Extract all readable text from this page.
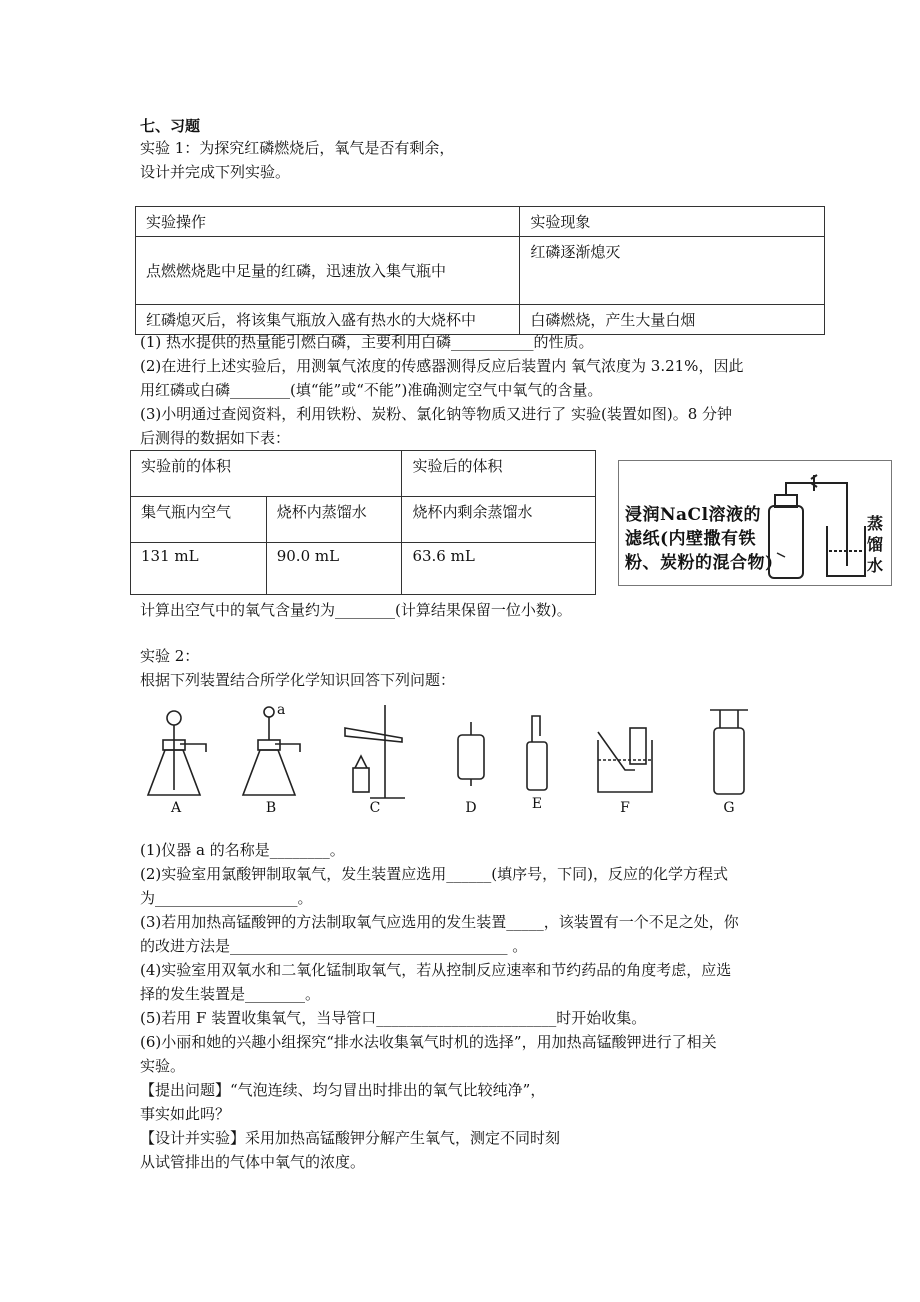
七、习题
实验 1：为探究红磷燃烧后，氧气是否有剩余，
设计并完成下列实验。
实验操作	实验现象
点燃燃烧匙中足量的红磷，迅速放入集气瓶中	红磷逐渐熄灭
红磷熄灭后，将该集气瓶放入盛有热水的大烧杯中	白磷燃烧，产生大量白烟
(1) 热水提供的热量能引燃白磷，主要利用白磷___________的性质。
(2)在进行上述实验后，用测氧气浓度的传感器测得反应后装置内 氧气浓度为 3.21%，因此
用红磷或白磷________(填“能”或“不能”)准确测定空气中氧气的含量。
(3)小明通过查阅资料，利用铁粉、炭粉、氯化钠等物质又进行了 实验(装置如图)。8 分钟
后测得的数据如下表：
实验前的体积		实验后的体积
集气瓶内空气	烧杯内蒸馏水	烧杯内剩余蒸馏水
131 mL	90.0 mL	63.6 mL
浸润NaCl溶液的
滤纸(内壁撒有铁
粉、炭粉的混合物)
蒸馏水
计算出空气中的氧气含量约为________(计算结果保留一位小数)。
实验 2：
根据下列装置结合所学化学知识回答下列问题：
A	B	C	D	E	F	G
a
(1)仪器 a 的名称是________。
(2)实验室用氯酸钾制取氧气，发生装置应选用______(填序号，下同)，反应的化学方程式
为___________________。
(3)若用加热高锰酸钾的方法制取氧气应选用的发生装置_____，该装置有一个不足之处，你
的改进方法是_____________________________________ 。
(4)实验室用双氧水和二氧化锰制取氧气，若从控制反应速率和节约药品的角度考虑，应选
择的发生装置是________。
(5)若用 F 装置收集氧气，当导管口________________________时开始收集。
(6)小丽和她的兴趣小组探究“排水法收集氧气时机的选择”，用加热高锰酸钾进行了相关
实验。
【提出问题】“气泡连续、均匀冒出时排出的氧气比较纯净”，
事实如此吗？
【设计并实验】采用加热高锰酸钾分解产生氧气，测定不同时刻
从试管排出的气体中氧气的浓度。
